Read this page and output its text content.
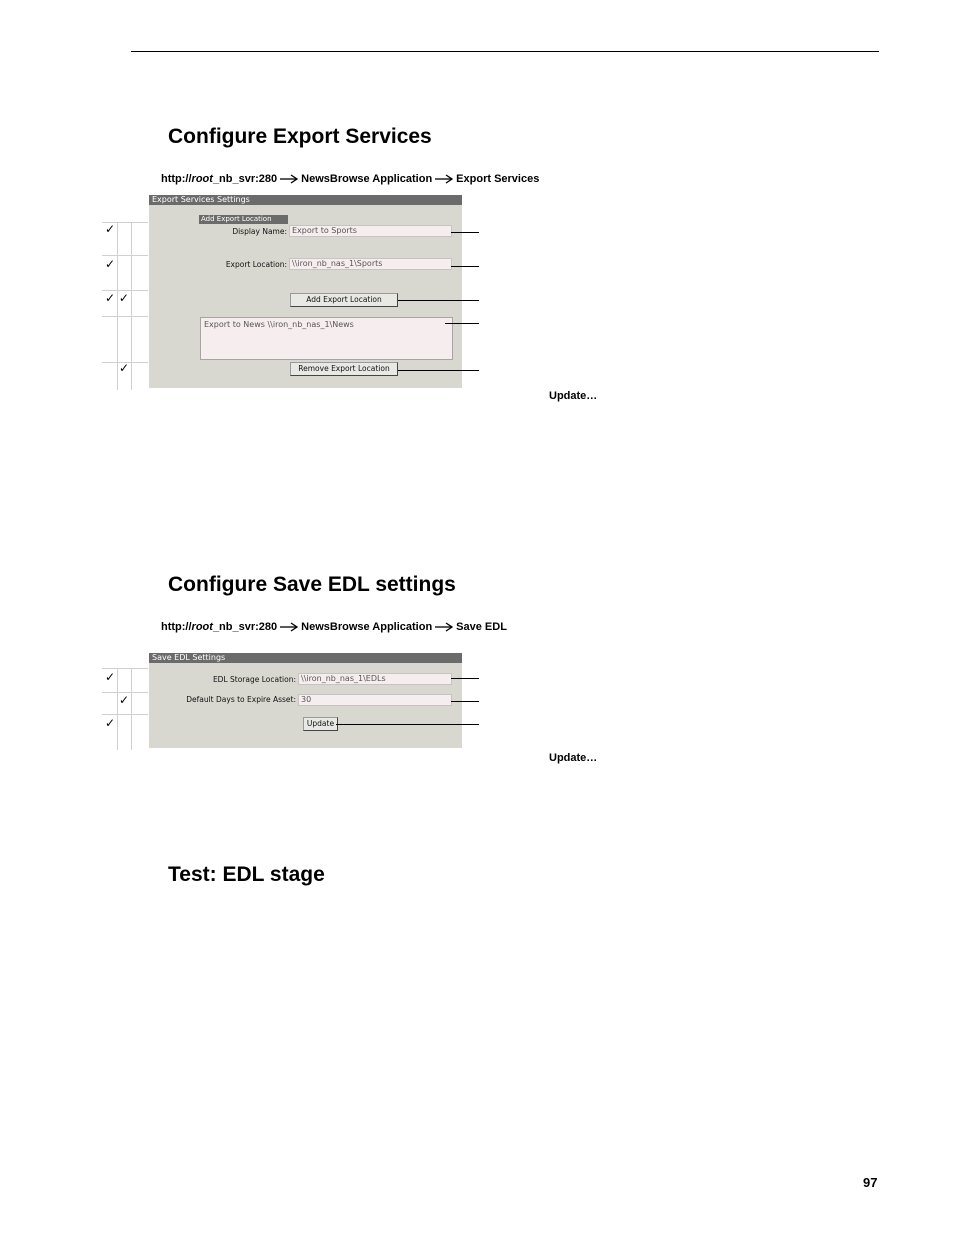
Configure Export Services
http:// root _nb_svr:280 NewsBrowse Application Export Services
✓
✓
✓ ✓
✓
Export Services Settings
Add Export Location
Display Name: Export to Sports
Export Location: \\iron_nb_nas_1\Sports
Add Export Location
Export to News \\iron_nb_nas_1\News
Remove Export Location
Update…
Configure Save EDL settings
http:// root _nb_svr:280 NewsBrowse Application Save EDL
✓
✓
✓
Save EDL Settings
EDL Storage Location: \\iron_nb_nas_1\EDLs
Default Days to Expire Asset: 30
Update
Update…
Test: EDL stage
97
